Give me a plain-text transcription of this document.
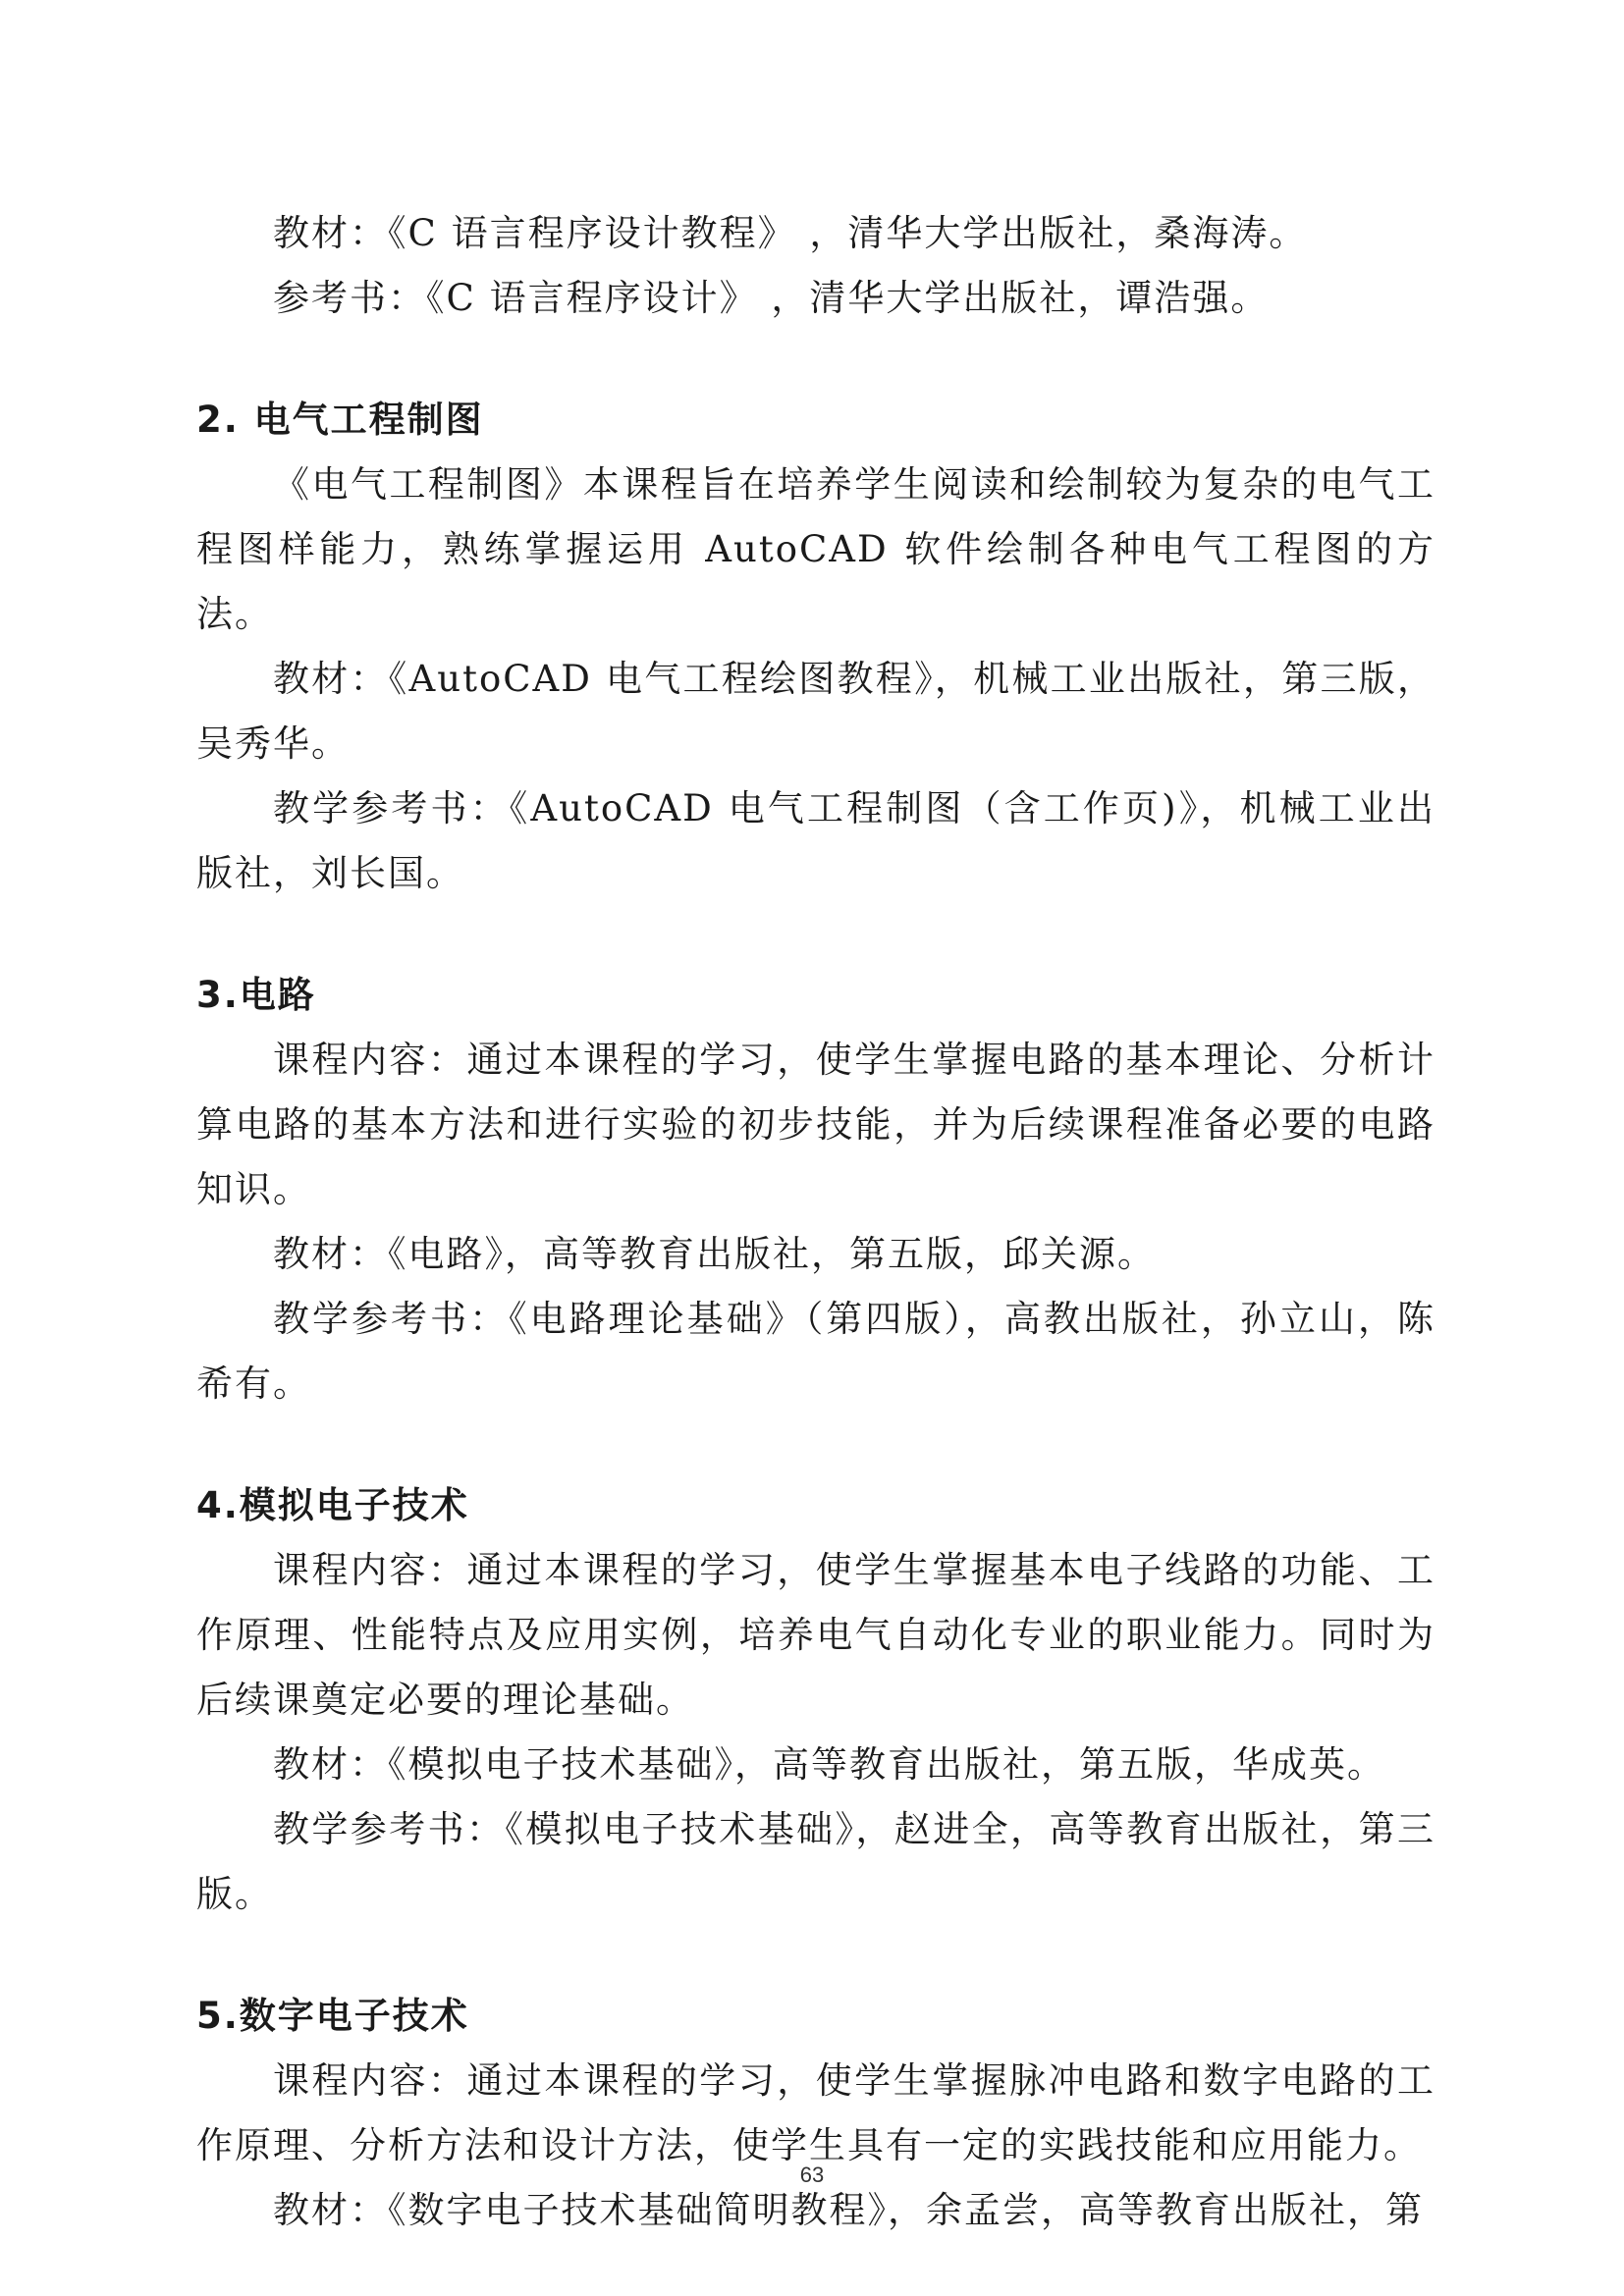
教材：《C 语言程序设计教程》 ，清华大学出版社，桑海涛。

参考书：《C 语言程序设计》 ，清华大学出版社，谭浩强。

2. 电气工程制图

《电气工程制图》本课程旨在培养学生阅读和绘制较为复杂的电气工程图样能力，熟练掌握运用 AutoCAD 软件绘制各种电气工程图的方法。

教材：《AutoCAD 电气工程绘图教程》，机械工业出版社，第三版，吴秀华。

教学参考书：《AutoCAD 电气工程制图（含工作页)》，机械工业出版社，刘长国。

3.电路

课程内容：通过本课程的学习，使学生掌握电路的基本理论、分析计算电路的基本方法和进行实验的初步技能，并为后续课程准备必要的电路知识。

教材：《电路》，高等教育出版社，第五版，邱关源。

教学参考书：《电路理论基础》（第四版），高教出版社，孙立山，陈希有。

4.模拟电子技术

课程内容：通过本课程的学习，使学生掌握基本电子线路的功能、工作原理、性能特点及应用实例，培养电气自动化专业的职业能力。同时为后续课奠定必要的理论基础。

教材：《模拟电子技术基础》，高等教育出版社，第五版，华成英。

教学参考书：《模拟电子技术基础》，赵进全，高等教育出版社，第三版。

5.数字电子技术

课程内容：通过本课程的学习，使学生掌握脉冲电路和数字电路的工作原理、分析方法和设计方法，使学生具有一定的实践技能和应用能力。

教材：《数字电子技术基础简明教程》，余孟尝，高等教育出版社，第

63
